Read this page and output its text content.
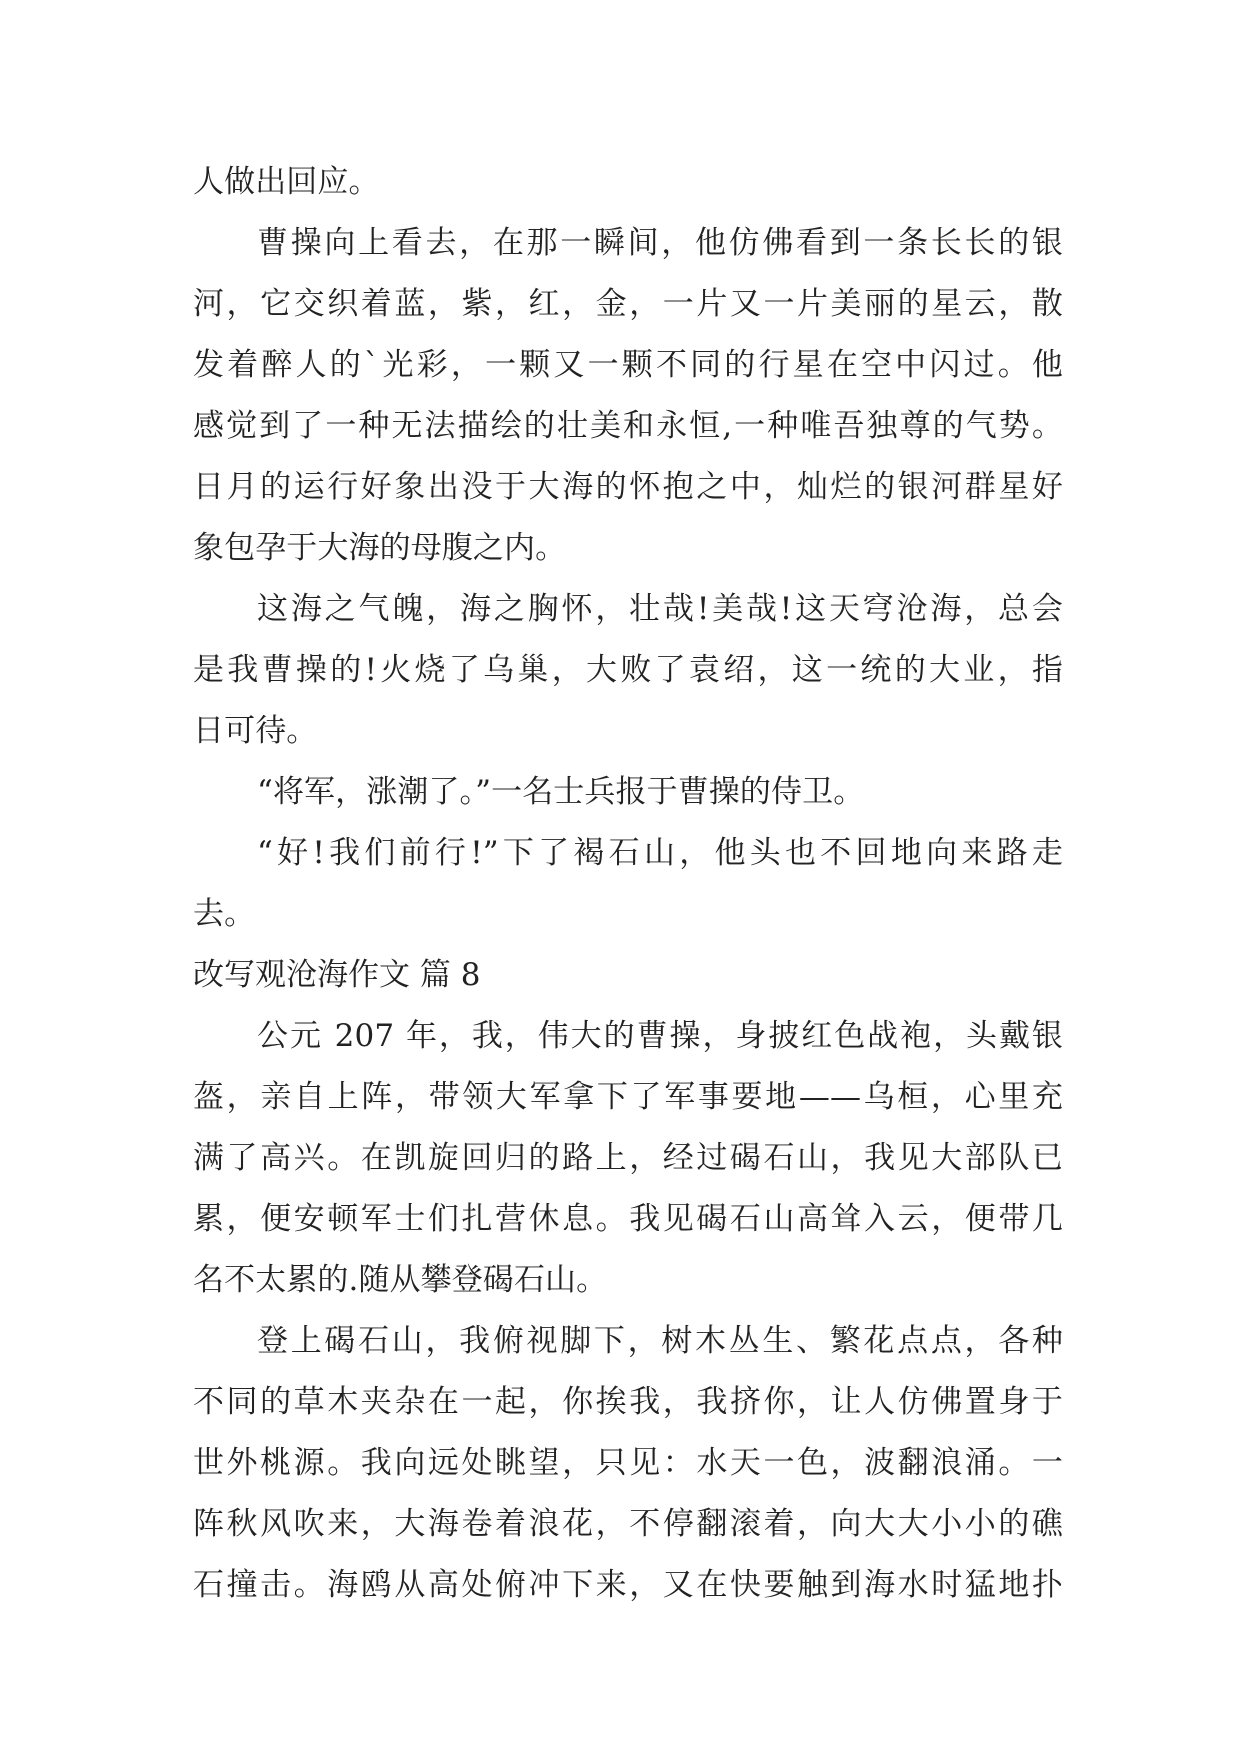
人做出回应。
曹操向上看去，在那一瞬间，他仿佛看到一条长长的银
河，它交织着蓝，紫，红，金，一片又一片美丽的星云，散
发着醉人的`光彩，一颗又一颗不同的行星在空中闪过。他
感觉到了一种无法描绘的壮美和永恒,一种唯吾独尊的气势。
日月的运行好象出没于大海的怀抱之中，灿烂的银河群星好
象包孕于大海的母腹之内。
这海之气魄，海之胸怀，壮哉!美哉!这天穹沧海，总会
是我曹操的!火烧了乌巢，大败了袁绍，这一统的大业，指
日可待。
“将军，涨潮了。”一名士兵报于曹操的侍卫。
“好!我们前行!”下了褐石山，他头也不回地向来路走
去。
改写观沧海作文 篇 8
公元 207 年，我，伟大的曹操，身披红色战袍，头戴银
盔，亲自上阵，带领大军拿下了军事要地——乌桓，心里充
满了高兴。在凯旋回归的路上，经过碣石山，我见大部队已
累，便安顿军士们扎营休息。我见碣石山高耸入云，便带几
名不太累的.随从攀登碣石山。
登上碣石山，我俯视脚下，树木丛生、繁花点点，各种
不同的草木夹杂在一起，你挨我，我挤你，让人仿佛置身于
世外桃源。我向远处眺望，只见：水天一色，波翻浪涌。一
阵秋风吹来，大海卷着浪花，不停翻滚着，向大大小小的礁
石撞击。海鸥从高处俯冲下来，又在快要触到海水时猛地扑
